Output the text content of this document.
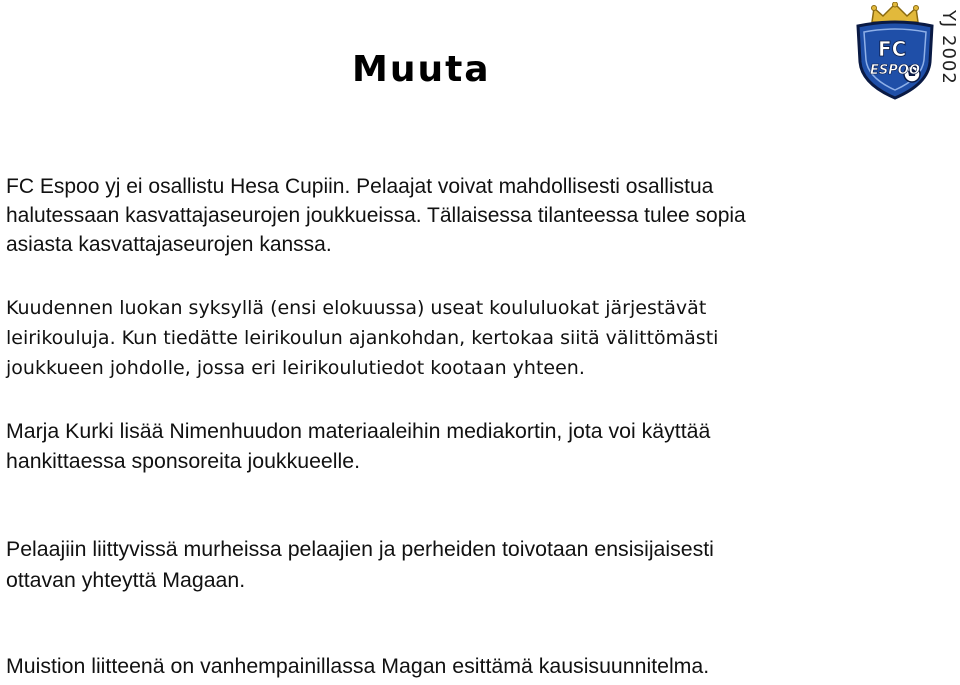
Muuta	FC
ESPOO YJ 2002

FC Espoo yj ei osallistu Hesa Cupiin. Pelaajat voivat mahdollisesti osallistua
halutessaan kasvattajaseurojen joukkueissa. Tällaisessa tilanteessa tulee sopia
asiasta kasvattajaseurojen kanssa.

Kuudennen luokan syksyllä (ensi elokuussa) useat koululuokat järjestävät
leirikouluja. Kun tiedätte leirikoulun ajankohdan, kertokaa siitä välittömästi
joukkueen johdolle, jossa eri leirikoulutiedot kootaan yhteen.

Marja Kurki lisää Nimenhuudon materiaaleihin mediakortin, jota voi käyttää
hankittaessa sponsoreita joukkueelle.

Pelaajiin liittyvissä murheissa pelaajien ja perheiden toivotaan ensisijaisesti
ottavan yhteyttä Magaan.

Muistion liitteenä on vanhempainillassa Magan esittämä kausisuunnitelma.
